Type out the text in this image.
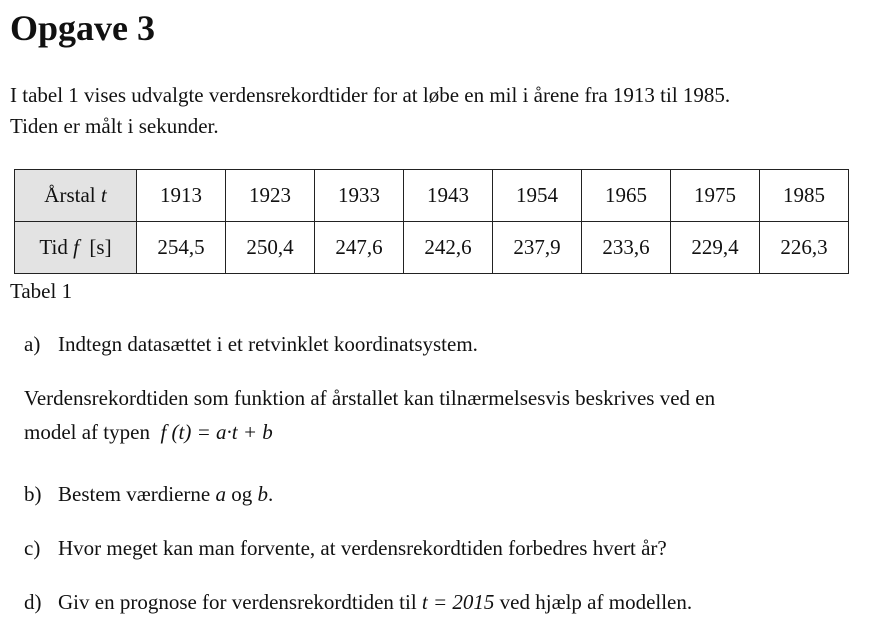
Opgave 3

I tabel 1 vises udvalgte verdensrekordtider for at løbe en mil i årene fra 1913 til 1985.
Tiden er målt i sekunder.

Årstal t	1913	1923	1933	1943	1954	1965	1975	1985
Tid f [s]	254,5	250,4	247,6	242,6	237,9	233,6	229,4	226,3
Tabel 1

a) Indtegn datasættet i et retvinklet koordinatsystem.

Verdensrekordtiden som funktion af årstallet kan tilnærmelsesvis beskrives ved en
model af typen f (t) = a·t + b

b) Bestem værdierne a og b.

c) Hvor meget kan man forvente, at verdensrekordtiden forbedres hvert år?

d) Giv en prognose for verdensrekordtiden til t = 2015 ved hjælp af modellen.
